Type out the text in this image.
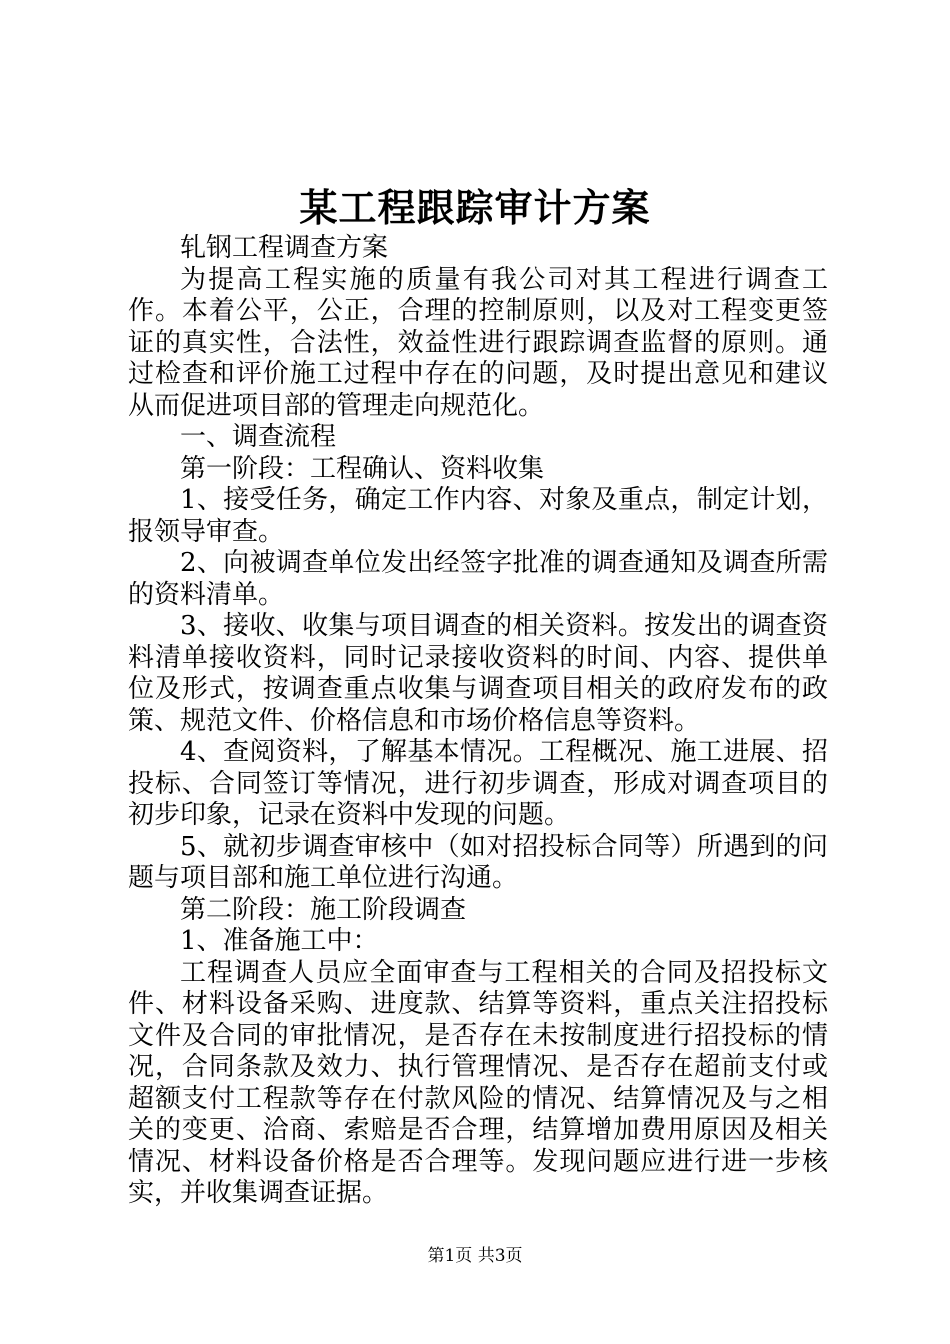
某工程跟踪审计方案

轧钢工程调查方案

为提高工程实施的质量有我公司对其工程进行调查工作。本着公平，公正，合理的控制原则，以及对工程变更签证的真实性，合法性，效益性进行跟踪调查监督的原则。通过检查和评价施工过程中存在的问题，及时提出意见和建议从而促进项目部的管理走向规范化。

一、调查流程

第一阶段：工程确认、资料收集

1、接受任务，确定工作内容、对象及重点，制定计划，报领导审查。

2、向被调查单位发出经签字批准的调查通知及调查所需的资料清单。

3、接收、收集与项目调查的相关资料。按发出的调查资料清单接收资料，同时记录接收资料的时间、内容、提供单位及形式，按调查重点收集与调查项目相关的政府发布的政策、规范文件、价格信息和市场价格信息等资料。

4、查阅资料，了解基本情况。工程概况、施工进展、招投标、合同签订等情况，进行初步调查，形成对调查项目的初步印象，记录在资料中发现的问题。

5、就初步调查审核中（如对招投标合同等）所遇到的问题与项目部和施工单位进行沟通。

第二阶段：施工阶段调查

1、准备施工中：

工程调查人员应全面审查与工程相关的合同及招投标文件、材料设备采购、进度款、结算等资料，重点关注招投标文件及合同的审批情况，是否存在未按制度进行招投标的情况，合同条款及效力、执行管理情况、是否存在超前支付或超额支付工程款等存在付款风险的情况、结算情况及与之相关的变更、洽商、索赔是否合理，结算增加费用原因及相关情况、材料设备价格是否合理等。发现问题应进行进一步核实，并收集调查证据。

第1页 共3页
